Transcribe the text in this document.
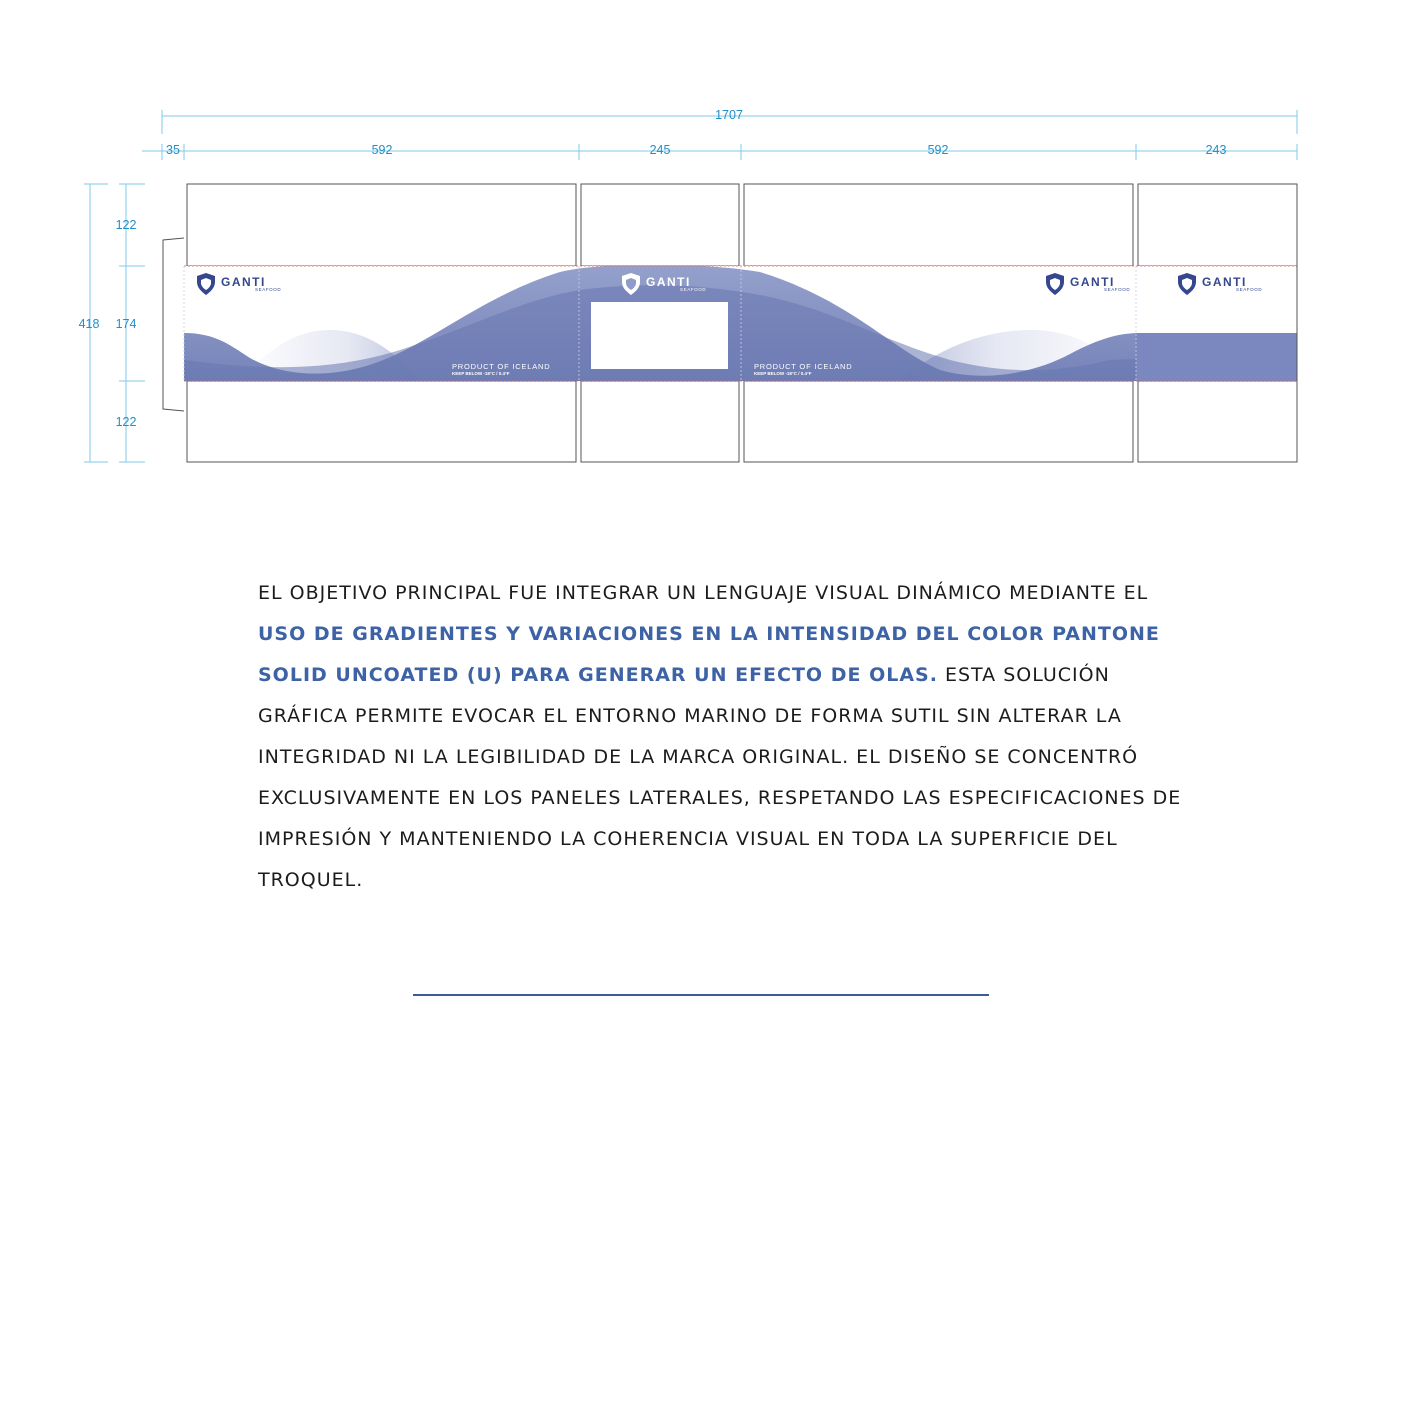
1707
35	592	245	592	243
418
122
174
122
GANTI
SEAFOOD
GANTI
SEAFOOD
GANTI
SEAFOOD
GANTI
SEAFOOD
PRODUCT OF ICELAND
KEEP BELOW -18°C / 0.4°F
PRODUCT OF ICELAND
KEEP BELOW -18°C / 0.4°F

EL OBJETIVO PRINCIPAL FUE INTEGRAR UN LENGUAJE VISUAL DINÁMICO MEDIANTE EL USO DE GRADIENTES Y VARIACIONES EN LA INTENSIDAD DEL COLOR PANTONE SOLID UNCOATED (U) PARA GENERAR UN EFECTO DE OLAS. ESTA SOLUCIÓN GRÁFICA PERMITE EVOCAR EL ENTORNO MARINO DE FORMA SUTIL SIN ALTERAR LA INTEGRIDAD NI LA LEGIBILIDAD DE LA MARCA ORIGINAL. EL DISEÑO SE CONCENTRÓ EXCLUSIVAMENTE EN LOS PANELES LATERALES, RESPETANDO LAS ESPECIFICACIONES DE IMPRESIÓN Y MANTENIENDO LA COHERENCIA VISUAL EN TODA LA SUPERFICIE DEL TROQUEL.
